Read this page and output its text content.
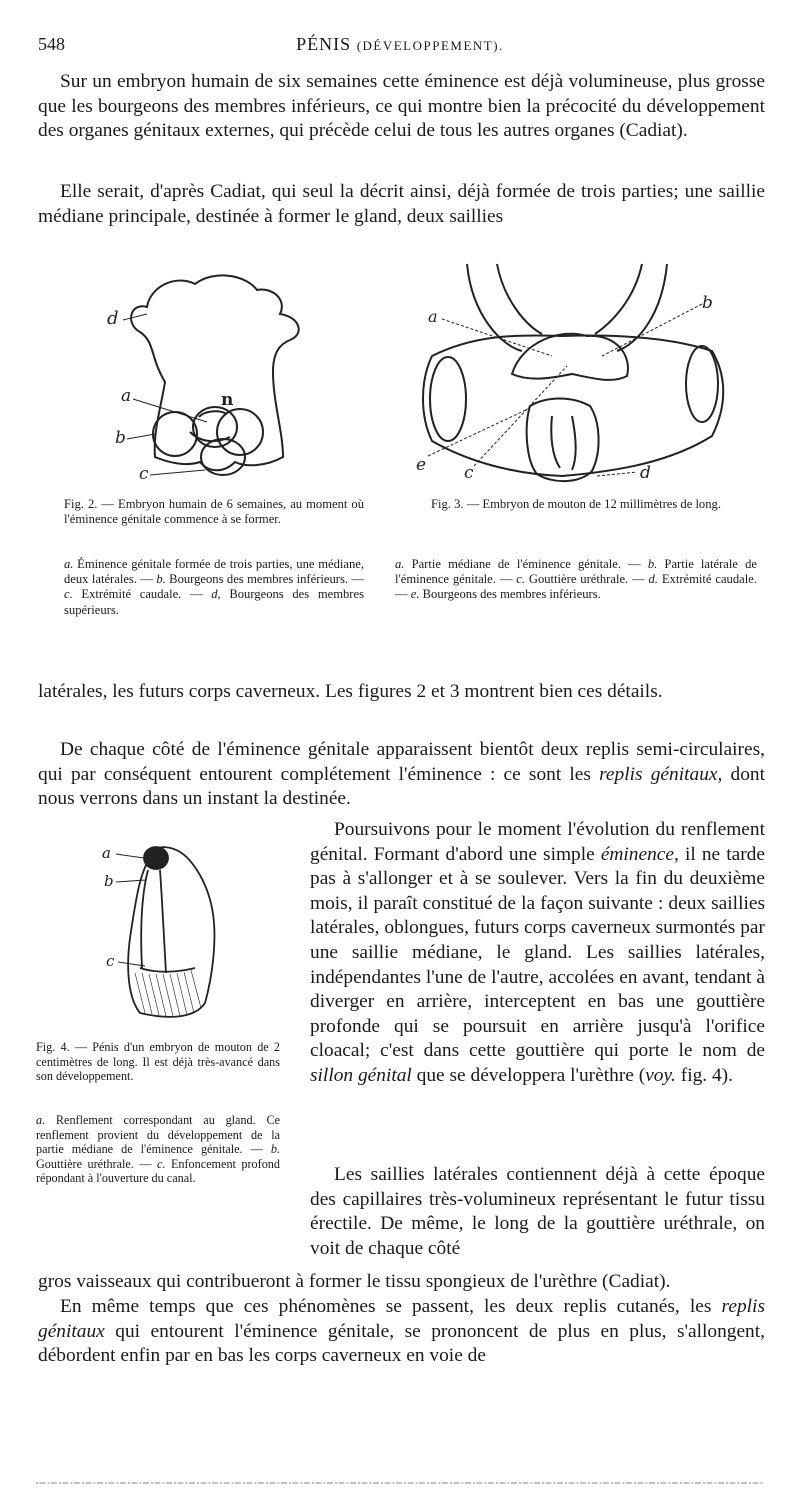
548	PÉNIS (DÉVELOPPEMENT).

Sur un embryon humain de six semaines cette éminence est déjà volumineuse, plus grosse que les bourgeons des membres inférieurs, ce qui montre bien la précocité du développement des organes génitaux externes, qui précède celui de tous les autres organes (Cadiat).

Elle serait, d'après Cadiat, qui seul la décrit ainsi, déjà formée de trois parties; une saillie médiane principale, destinée à former le gland, deux saillies

d
n
a
b
c
a
b
e c	d

Fig. 2. — Embryon humain de 6 semaines, au moment où l'éminence génitale commence à se former.

a. Éminence génitale formée de trois parties, une médiane, deux latérales. — b. Bourgeons des membres inférieurs. — c. Extrémité caudale. — d, Bourgeons des membres supérieurs.

Fig. 3. — Embryon de mouton de 12 millimètres de long.

a. Partie médiane de l'éminence génitale. — b. Partie latérale de l'éminence génitale. — c. Gouttière uréthrale. — d. Extrémité caudale. — e. Bourgeons des membres inférieurs.

latérales, les futurs corps caverneux. Les figures 2 et 3 montrent bien ces détails.

De chaque côté de l'éminence génitale apparaissent bientôt deux replis semi-circulaires, qui par conséquent entourent complétement l'éminence : ce sont les replis génitaux, dont nous verrons dans un instant la destinée.

a
b
c

Fig. 4. — Pénis d'un embryon de mouton de 2 centimètres de long. Il est déjà très-avancé dans son développement.

a. Renflement correspondant au gland. Ce renflement provient du développement de la partie médiane de l'éminence génitale. — b. Gouttière uréthrale. — c. Enfoncement profond répondant à l'ouverture du canal.

Poursuivons pour le moment l'évolution du renflement génital. Formant d'abord une simple éminence, il ne tarde pas à s'allonger et à se soulever. Vers la fin du deuxième mois, il paraît constitué de la façon suivante : deux saillies latérales, oblongues, futurs corps caverneux surmontés par une saillie médiane, le gland. Les saillies latérales, indépendantes l'une de l'autre, accolées en avant, tendant à diverger en arrière, interceptent en bas une gouttière profonde qui se poursuit en arrière jusqu'à l'orifice cloacal; c'est dans cette gouttière qui porte le nom de sillon génital que se développera l'urèthre (voy. fig. 4).

Les saillies latérales contiennent déjà à cette époque des capillaires très-volumineux représentant le futur tissu érectile. De même, le long de la gouttière uréthrale, on voit de chaque côté

gros vaisseaux qui contribueront à former le tissu spongieux de l'urèthre (Cadiat).

En même temps que ces phénomènes se passent, les deux replis cutanés, les replis génitaux qui entourent l'éminence génitale, se prononcent de plus en plus, s'allongent, débordent enfin par en bas les corps caverneux en voie de
